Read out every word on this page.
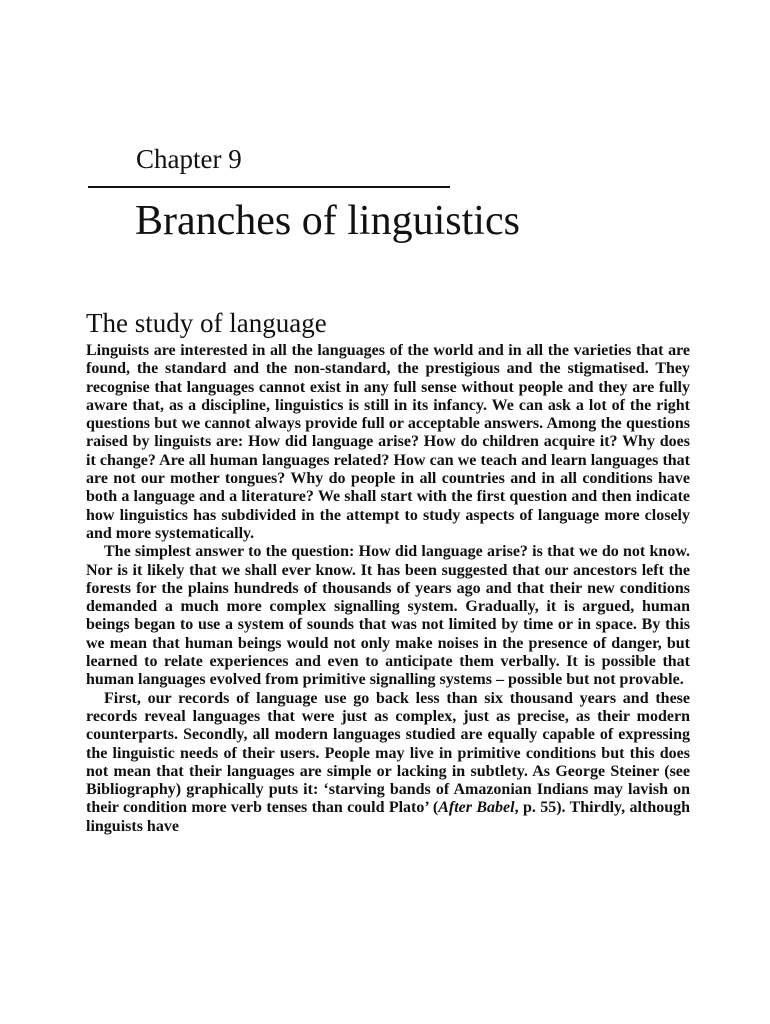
Chapter 9
Branches of linguistics
The study of language

Linguists are interested in all the languages of the world and in all the varieties that are found, the standard and the non-standard, the prestigious and the stigmatised. They recognise that languages cannot exist in any full sense without people and they are fully aware that, as a discipline, linguistics is still in its infancy. We can ask a lot of the right questions but we cannot always provide full or acceptable answers. Among the questions raised by linguists are: How did language arise? How do children acquire it? Why does it change? Are all human languages related? How can we teach and learn languages that are not our mother tongues? Why do people in all countries and in all conditions have both a language and a literature? We shall start with the first question and then indicate how linguistics has subdivided in the attempt to study aspects of language more closely and more systematically.

The simplest answer to the question: How did language arise? is that we do not know. Nor is it likely that we shall ever know. It has been suggested that our ancestors left the forests for the plains hundreds of thousands of years ago and that their new conditions demanded a much more complex signalling system. Gradually, it is argued, human beings began to use a system of sounds that was not limited by time or in space. By this we mean that human beings would not only make noises in the presence of danger, but learned to relate experiences and even to anticipate them verbally. It is possible that human languages evolved from primitive signalling systems – possible but not provable.

First, our records of language use go back less than six thousand years and these records reveal languages that were just as complex, just as precise, as their modern counterparts. Secondly, all modern languages studied are equally capable of expressing the linguistic needs of their users. People may live in primitive conditions but this does not mean that their languages are simple or lacking in subtlety. As George Steiner (see Bibliography) graphically puts it: ‘starving bands of Amazonian Indians may lavish on their condition more verb tenses than could Plato’ (After Babel, p. 55). Thirdly, although linguists have
